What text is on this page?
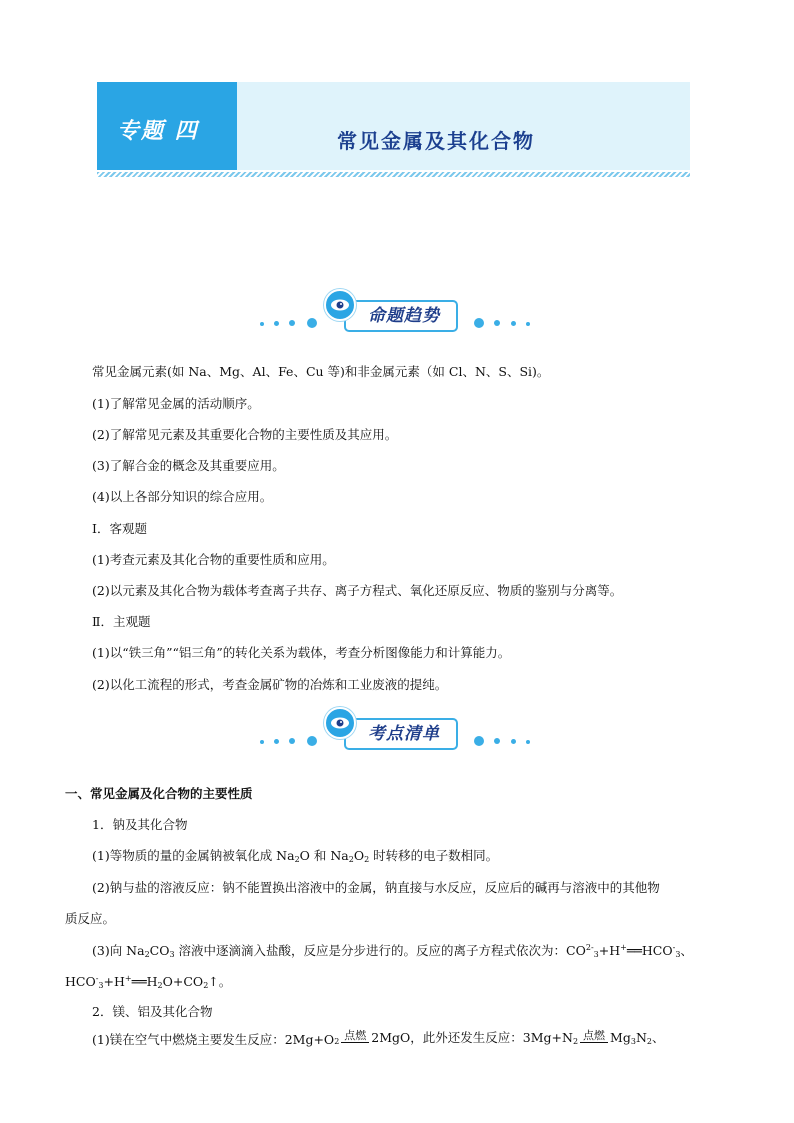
专题 四	常见金属及其化合物
命题趋势
常见金属元素(如 Na、Mg、Al、Fe、Cu 等)和非金属元素（如 Cl、N、S、Si)。
(1)了解常见金属的活动顺序。
(2)了解常见元素及其重要化合物的主要性质及其应用。
(3)了解合金的概念及其重要应用。
(4)以上各部分知识的综合应用。
Ⅰ．客观题
(1)考查元素及其化合物的重要性质和应用。
(2)以元素及其化合物为载体考查离子共存、离子方程式、氧化还原反应、物质的鉴别与分离等。
Ⅱ．主观题
(1)以“铁三角”“铝三角”的转化关系为载体，考查分析图像能力和计算能力。
(2)以化工流程的形式，考查金属矿物的冶炼和工业废液的提纯。
考点清单
一、常见金属及化合物的主要性质
1．钠及其化合物
(1)等物质的量的金属钠被氧化成 $Na_2O$ 和 $Na_2O_2$ 时转移的电子数相同。
(2)钠与盐的溶液反应：钠不能置换出溶液中的金属，钠直接与水反应，反应后的碱再与溶液中的其他物
质反应。
(3)向 $Na_2CO_3$ 溶液中逐滴滴入盐酸，反应是分步进行的。反应的离子方程式依次为：$CO^{2-}_3+H^+══HCO^-_3$、
$HCO^-_3+H^+══H_2O+CO_2↑$。
2．镁、铝及其化合物
(1)镁在空气中燃烧主要发生反应：$2Mg+O_2$ 点燃 2MgO，此外还发生反应：$3Mg+N_2$ 点燃 $Mg_3N_2$、
